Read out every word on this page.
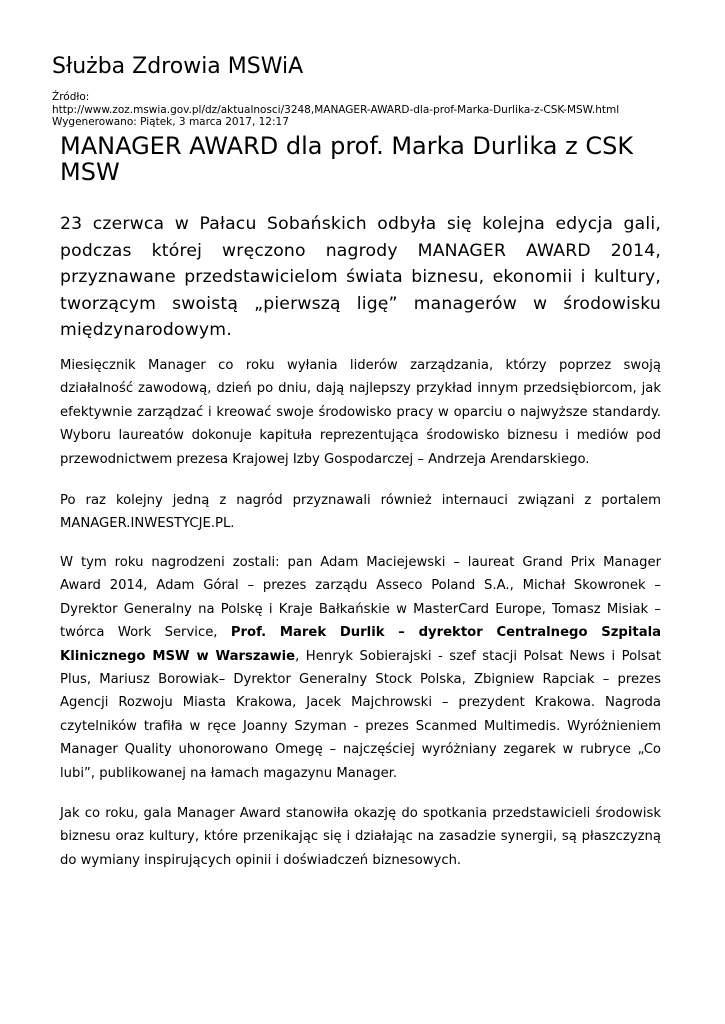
Służba Zdrowia MSWiA
Źródło:
http://www.zoz.mswia.gov.pl/dz/aktualnosci/3248,MANAGER-AWARD-dla-prof-Marka-Durlika-z-CSK-MSW.html
Wygenerowano: Piątek, 3 marca 2017, 12:17
MANAGER AWARD dla prof. Marka Durlika z CSK MSW

23 czerwca w Pałacu Sobańskich odbyła się kolejna edycja gali, podczas której wręczono nagrody MANAGER AWARD 2014, przyznawane przedstawicielom świata biznesu, ekonomii i kultury, tworzącym swoistą „pierwszą ligę” managerów w środowisku międzynarodowym.

Miesięcznik Manager co roku wyłania liderów zarządzania, którzy poprzez swoją działalność zawodową, dzień po dniu, dają najlepszy przykład innym przedsiębiorcom, jak efektywnie zarządzać i kreować swoje środowisko pracy w oparciu o najwyższe standardy. Wyboru laureatów dokonuje kapituła reprezentująca środowisko biznesu i mediów pod przewodnictwem prezesa Krajowej Izby Gospodarczej – Andrzeja Arendarskiego.

Po raz kolejny jedną z nagród przyznawali również internauci związani z portalem MANAGER.INWESTYCJE.PL.

W tym roku nagrodzeni zostali: pan Adam Maciejewski – laureat Grand Prix Manager Award 2014, Adam Góral – prezes zarządu Asseco Poland S.A., Michał Skowronek – Dyrektor Generalny na Polskę i Kraje Bałkańskie w MasterCard Europe, Tomasz Misiak – twórca Work Service, Prof. Marek Durlik – dyrektor Centralnego Szpitala Klinicznego MSW w Warszawie, Henryk Sobierajski - szef stacji Polsat News i Polsat Plus, Mariusz Borowiak– Dyrektor Generalny Stock Polska, Zbigniew Rapciak – prezes Agencji Rozwoju Miasta Krakowa, Jacek Majchrowski – prezydent Krakowa. Nagroda czytelników trafiła w ręce Joanny Szyman - prezes Scanmed Multimedis. Wyróżnieniem Manager Quality uhonorowano Omegę – najczęściej wyróżniany zegarek w rubryce „Co lubi”, publikowanej na łamach magazynu Manager.

Jak co roku, gala Manager Award stanowiła okazję do spotkania przedstawicieli środowisk biznesu oraz kultury, które przenikając się i działając na zasadzie synergii, są płaszczyzną do wymiany inspirujących opinii i doświadczeń biznesowych.
